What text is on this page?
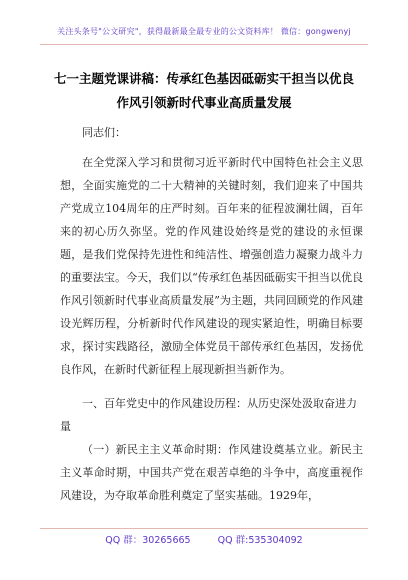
关注头条号"公文研究"，获得最新最全最专业的公文资料库！ 微信：gongwenyj
七一主题党课讲稿：传承红色基因砥砺实干担当以优良作风引领新时代事业高质量发展
同志们：
在全党深入学习和贯彻习近平新时代中国特色社会主义思想，全面实施党的二十大精神的关键时刻，我们迎来了中国共产党成立104周年的庄严时刻。百年来的征程波澜壮阔，百年来的初心历久弥坚。党的作风建设始终是党的建设的永恒课题，是我们党保持先进性和纯洁性、增强创造力凝聚力战斗力的重要法宝。今天，我们以“传承红色基因砥砺实干担当以优良作风引领新时代事业高质量发展”为主题，共同回顾党的作风建设光辉历程，分析新时代作风建设的现实紧迫性，明确目标要求，探讨实践路径，激励全体党员干部传承红色基因，发扬优良作风，在新时代新征程上展现新担当新作为。
一、百年党史中的作风建设历程：从历史深处汲取奋进力量
（一）新民主主义革命时期：作风建设奠基立业。新民主主义革命时期，中国共产党在艰苦卓绝的斗争中，高度重视作风建设，为夺取革命胜利奠定了坚实基础。1929年，
QQ 群：30265665	QQ 群:535304092
